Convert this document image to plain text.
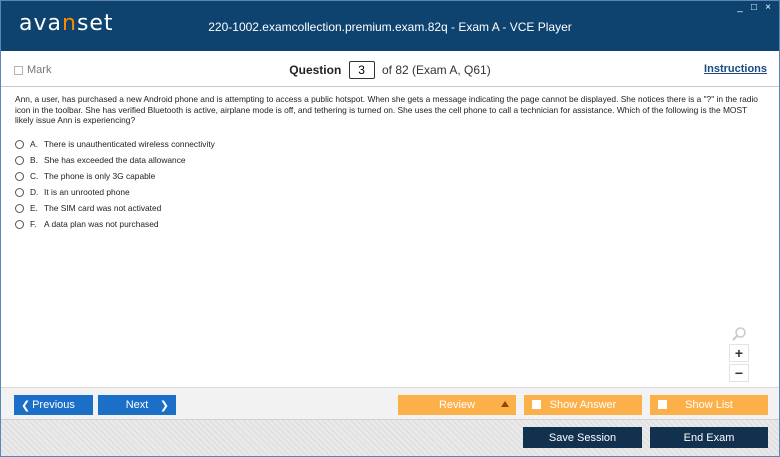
avanset	220-1002.examcollection.premium.exam.82q - Exam A - VCE Player
_ □ ×
Mark	Question 3 of 82 (Exam A, Q61)	Instructions
Ann, a user, has purchased a new Android phone and is attempting to access a public hotspot. When she gets a message indicating the page cannot be displayed. She notices there is a "?" in the radio icon in the toolbar. She has verified Bluetooth is active, airplane mode is off, and tethering is turned on. She uses the cell phone to call a technician for assistance. Which of the following is the MOST likely issue Ann is experiencing?
A. There is unauthenticated wireless connectivity
B. She has exceeded the data allowance
C. The phone is only 3G capable
D. It is an unrooted phone
E. The SIM card was not activated
F. A data plan was not purchased
+
−
❮ Previous	Next ❯	Review	Show Answer	Show List
Save Session	End Exam
